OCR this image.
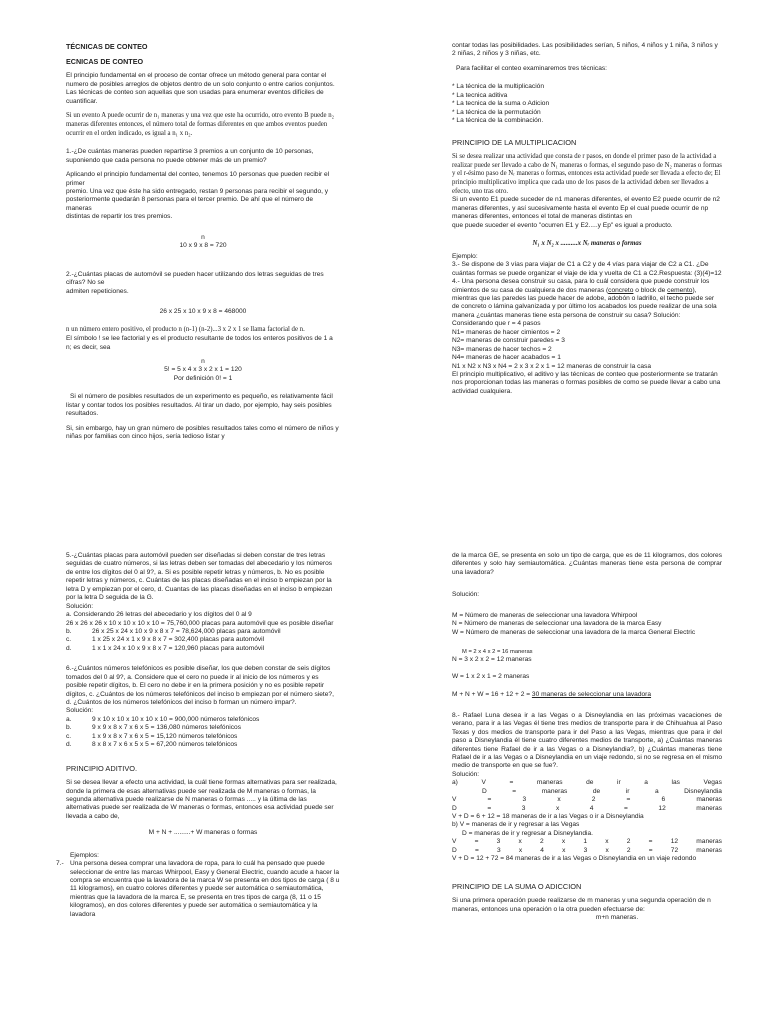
TÉCNICAS DE CONTEO

ECNICAS DE CONTEO

El principio fundamental en el proceso de contar ofrece un método general para contar el numero de posibles arreglos de objetos dentro de un solo conjunto o entre carios conjuntos. Las técnicas de conteo son aquellas que son usadas para enumerar eventos difíciles de cuantificar.

Si un evento A puede ocurrir de n₁ maneras y una vez que este ha ocurrido, otro evento B puede n₂ maneras diferentes entonces, el número total de formas diferentes en que ambos eventos pueden ocurrir en el orden indicado, es igual a n₁ x n₂.

1.-¿De cuántas maneras pueden repartirse 3 premios a un conjunto de 10 personas, suponiendo que cada persona no puede obtener más de un premio?

Aplicando el principio fundamental del conteo, tenemos 10 personas que pueden recibir el primer
premio. Una vez que éste ha sido entregado, restan 9 personas para recibir el segundo, y
posteriormente quedarán 8 personas para el tercer premio. De ahí que el número de maneras
distintas de repartir los tres premios.

n

10 x 9 x 8 = 720

2.-¿Cuántas placas de automóvil se pueden hacer utilizando dos letras seguidas de tres cifras? No se

admiten repeticiones.

26 x 25 x 10 x 9 x 8 = 468000

n un número entero positivo, el producto n (n-1) (n-2)...3 x 2 x 1 se llama factorial de n.

El símbolo ! se lee factorial y es el producto resultante de todos los enteros positivos de 1 a n; es decir, sea

n

5! = 5 x 4 x 3 x 2 x 1 = 120

Por definición 0! = 1

Si el número de posibles resultados de un experimento es pequeño, es relativamente fácil listar y contar todos los posibles resultados. Al tirar un dado, por ejemplo, hay seis posibles resultados.

Si, sin embargo, hay un gran número de posibles resultados tales como el número de niños y niñas por familias con cinco hijos, sería tedioso listar y

contar todas las posibilidades. Las posibilidades serían, 5 niños, 4 niños y 1 niña, 3 niños y 2 niñas, 2 niños y 3 niñas, etc.

Para facilitar el conteo examinaremos tres técnicas:

* La técnica de la multiplicación
* La tecnica aditiva
* La tecnica de la suma o Adicion
* La técnica de la permutación
* La técnica de la combinación.

PRINCIPIO DE LA MULTIPLICACION

Si se desea realizar una actividad que consta de r pasos, en donde el primer paso de la actividad a realizar puede ser llevado a cabo de N₁ maneras o formas, el segundo paso de N₂ maneras o formas y el r-ésimo paso de Nᵣ maneras o formas, entonces esta actividad puede ser llevada a efecto de; El principio multiplicativo implica que cada uno de los pasos de la actividad deben ser llevados a efecto, uno tras otro.

Si un evento E1 puede suceder de n1 maneras diferentes, el evento E2 puede ocurrir de n2 maneras diferentes, y así sucesivamente hasta el evento Ep el cual puede ocurrir de np maneras diferentes, entonces el total de maneras distintas en

que puede suceder el evento "ocurren E1 y E2.....y Ep" es igual a producto.

N₁ x N₂ x ..........x Nᵣ maneras o formas

Ejemplo:
3.- Se dispone de 3 vías para viajar de C1 a C2 y de 4 vías para viajar de C2 a C1. ¿De cuántas formas se puede organizar el viaje de ida y vuelta de C1 a C2.Respuesta: (3)(4)=12
4.- Una persona desea construir su casa, para lo cuál considera que puede construir los cimientos de su casa de cualquiera de dos maneras (concreto o block de cemento), mientras que las paredes las puede hacer de adobe, adobón o ladrillo, el techo puede ser de concreto o lámina galvanizada y por último los acabados los puede realizar de una sola manera ¿cuántas maneras tiene esta persona de construir su casa? Solución:
Considerando que r = 4 pasos
N1= maneras de hacer cimientos = 2
N2= maneras de construir paredes = 3
N3= maneras de hacer techos = 2
N4= maneras de hacer acabados = 1
N1 x N2 x N3 x N4 = 2 x 3 x 2 x 1 = 12 maneras de construir la casa

El principio multiplicativo, el aditivo y las técnicas de conteo que posteriormente se tratarán nos proporcionan todas las maneras o formas posibles de como se puede llevar a cabo una actividad cualquiera.

5.-¿Cuántas placas para automóvil pueden ser diseñadas si deben constar de tres letras seguidas de cuatro números, si las letras deben ser tomadas del abecedario y los números de entre los dígitos del 0 al 9?, a. Si es posible repetir letras y números, b. No es posible repetir letras y números, c. Cuántas de las placas diseñadas en el inciso b empiezan por la letra D y empiezan por el cero, d. Cuantas de las placas diseñadas en el inciso b empiezan por la letra D seguida de la G.

Solución:
a. Considerando 26 letras del abecedario y los dígitos del 0 al 9
26 x 26 x 26 x 10 x 10 x 10 x 10 = 75,760,000 placas para automóvil que es posible diseñar
b.	26 x 25 x 24 x 10 x 9 x 8 x 7 = 78,624,000 placas para automóvil
c.	1 x 25 x 24 x 1 x 9 x 8 x 7 = 302,400 placas para automóvil
d.	1 x 1 x 24 x 10 x 9 x 8 x 7 = 120,960 placas para automóvil

6.-¿Cuántos números telefónicos es posible diseñar, los que deben constar de seis dígitos tomados del 0 al 9?, a. Considere que el cero no puede ir al inicio de los números y es posible repetir dígitos, b. El cero no debe ir en la primera posición y no es posible repetir dígitos, c. ¿Cuántos de los números telefónicos del inciso b empiezan por el número siete?, d. ¿Cuántos de los números telefónicos del inciso b forman un número impar?.

Solución:
a.	9 x 10 x 10 x 10 x 10 x 10 = 900,000 números telefónicos
b.	9 x 9 x 8 x 7 x 6 x 5 = 136,080 números telefónicos
c.	1 x 9 x 8 x 7 x 6 x 5 = 15,120 números telefónicos
d.	8 x 8 x 7 x 6 x 5 x 5 = 67,200 números telefónicos

PRINCIPIO ADITIVO.

Si se desea llevar a efecto una actividad, la cuál tiene formas alternativas para ser realizada, donde la primera de esas alternativas puede ser realizada de M maneras o formas, la segunda alternativa puede realizarse de N maneras o formas ..... y la última de las alternativas puede ser realizada de W maneras o formas, entonces esa actividad puede ser llevada a cabo de,

M + N + .........+ W maneras o formas

Ejemplos:
7.- Una persona desea comprar una lavadora de ropa, para lo cuál ha pensado que puede seleccionar de entre las marcas Whirpool, Easy y General Electric, cuando acude a hacer la compra se encuentra que la lavadora de la marca W se presenta en dos tipos de carga ( 8 u 11 kilogramos), en cuatro colores diferentes y puede ser automática o semiautomática, mientras que la lavadora de la marca E, se presenta en tres tipos de carga (8, 11 o 15 kilogramos), en dos colores diferentes y puede ser automática o semiautomática y la lavadora

de la marca GE, se presenta en solo un tipo de carga, que es de 11 kilogramos, dos colores diferentes y solo hay semiautomática. ¿Cuántas maneras tiene esta persona de comprar una lavadora?

Solución:

M = Número de maneras de seleccionar una lavadora Whirpool
N = Número de maneras de seleccionar una lavadora de la marca Easy
W = Número de maneras de seleccionar una lavadora de la marca General Electric
M = 2 x 4 x 2 = 16 maneras

N = 3 x 2 x 2 = 12 maneras

W = 1 x 2 x 1 = 2 maneras

M + N + W = 16 + 12 + 2 = 30 maneras de seleccionar una lavadora

8.- Rafael Luna desea ir a las Vegas o a Disneylandia en las próximas vacaciones de verano, para ir a las Vegas él tiene tres medios de transporte para ir de Chihuahua al Paso Texas y dos medios de transporte para ir del Paso a las Vegas, mientras que para ir del paso a Disneylandia él tiene cuatro diferentes medios de transporte, a) ¿Cuántas maneras diferentes tiene Rafael de ir a las Vegas o a Disneylandia?, b) ¿Cuántas maneras tiene Rafael de ir a las Vegas o a Disneylandia en un viaje redondo, si no se regresa en el mismo medio de transporte en que se fue?.

Solución:
a)	V	=	maneras	de	ir	a	las	Vegas
D	=	maneras	de	ir	a	Disneylandia
V	=	3	x	2	=	6	maneras
D	=	3	x	4	=	12	maneras
V + D = 6 + 12 = 18 maneras de ir a las Vegas o ir a Disneylandia
b) V = maneras de ir y regresar a las Vegas
D = maneras de ir y regresar a Disneylandia.
V	=	3	x	2	x	1	x	2	=	12	maneras
D	=	3	x	4	x	3	x	2	=	72	maneras
V + D = 12 + 72 = 84 maneras de ir a las Vegas o Disneylandia en un viaje redondo

PRINCIPIO DE LA SUMA O ADICCION

Si una primera operación puede realizarse de m maneras y una segunda operación de n maneras, entonces una operación o la otra pueden efectuarse de:

m+n maneras.
